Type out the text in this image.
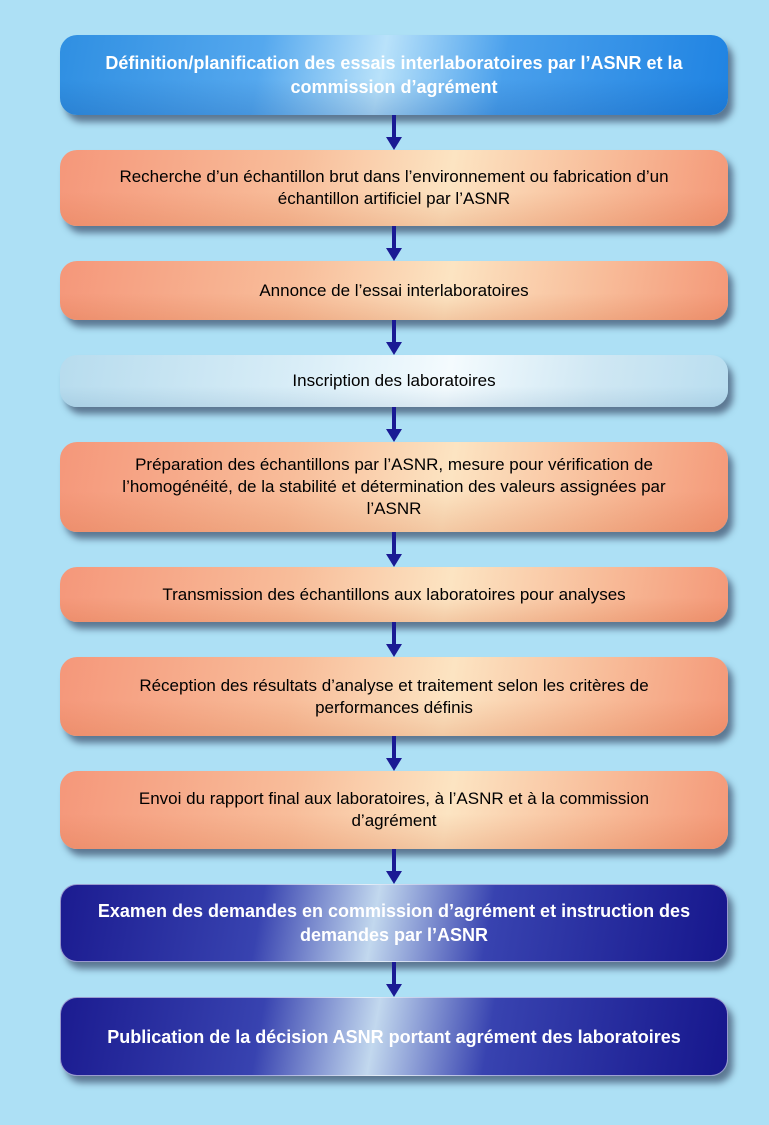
Définition/planification des essais interlaboratoires par l’ASNR et la
commission d’agrément
Recherche d’un échantillon brut dans l’environnement ou fabrication d’un
échantillon artificiel par l’ASNR
Annonce de l’essai interlaboratoires
Inscription des laboratoires
Préparation des échantillons par l’ASNR, mesure pour vérification de
l’homogénéité, de la stabilité et détermination des valeurs assignées par
l’ASNR
Transmission des échantillons aux laboratoires pour analyses
Réception des résultats d’analyse et traitement selon les critères de
performances définis
Envoi du rapport final aux laboratoires, à l’ASNR et à la commission
d’agrément
Examen des demandes en commission d’agrément et instruction des
demandes par l’ASNR
Publication de la décision ASNR portant agrément des laboratoires
